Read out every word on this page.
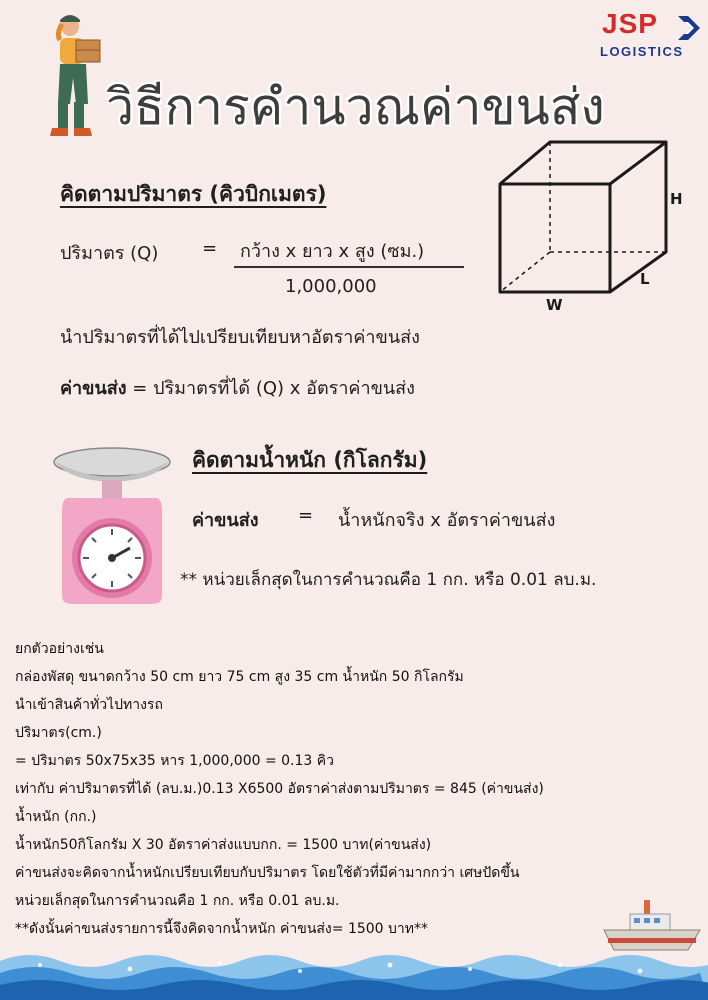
JSP
LOGISTICS
วิธีการคำนวณค่าขนส่ง
คิดตามปริมาตร (คิวบิกเมตร)
ปริมาตร (Q) = กว้าง x ยาว x สูง (ซม.)
1,000,000
นำปริมาตรที่ได้ไปเปรียบเทียบหาอัตราค่าขนส่ง
ค่าขนส่ง = ปริมาตรที่ได้ (Q) x อัตราค่าขนส่ง
H
L
W
คิดตามน้ำหนัก (กิโลกรัม)
ค่าขนส่ง = น้ำหนักจริง x อัตราค่าขนส่ง
** หน่วยเล็กสุดในการคำนวณคือ 1 กก. หรือ 0.01 ลบ.ม.
ยกตัวอย่างเช่น
กล่องพัสดุ ขนาดกว้าง 50 cm ยาว 75 cm สูง 35 cm น้ำหนัก 50 กิโลกรัม
นำเข้าสินค้าทั่วไปทางรถ
ปริมาตร(cm.)
= ปริมาตร 50x75x35 หาร 1,000,000 = 0.13 คิว
เท่ากับ ค่าปริมาตรที่ได้ (ลบ.ม.)0.13 X6500 อัตราค่าส่งตามปริมาตร = 845 (ค่าขนส่ง)
น้ำหนัก (กก.)
น้ำหนัก50กิโลกรัม X 30 อัตราค่าส่งแบบกก. = 1500 บาท(ค่าขนส่ง)
ค่าขนส่งจะคิดจากน้ำหนักเปรียบเทียบกับปริมาตร โดยใช้ตัวที่มีค่ามากกว่า เศษปัดขึ้น
หน่วยเล็กสุดในการคำนวณคือ 1 กก. หรือ 0.01 ลบ.ม.
**ดังนั้นค่าขนส่งรายการนี้จึงคิดจากน้ำหนัก ค่าขนส่ง= 1500 บาท**
